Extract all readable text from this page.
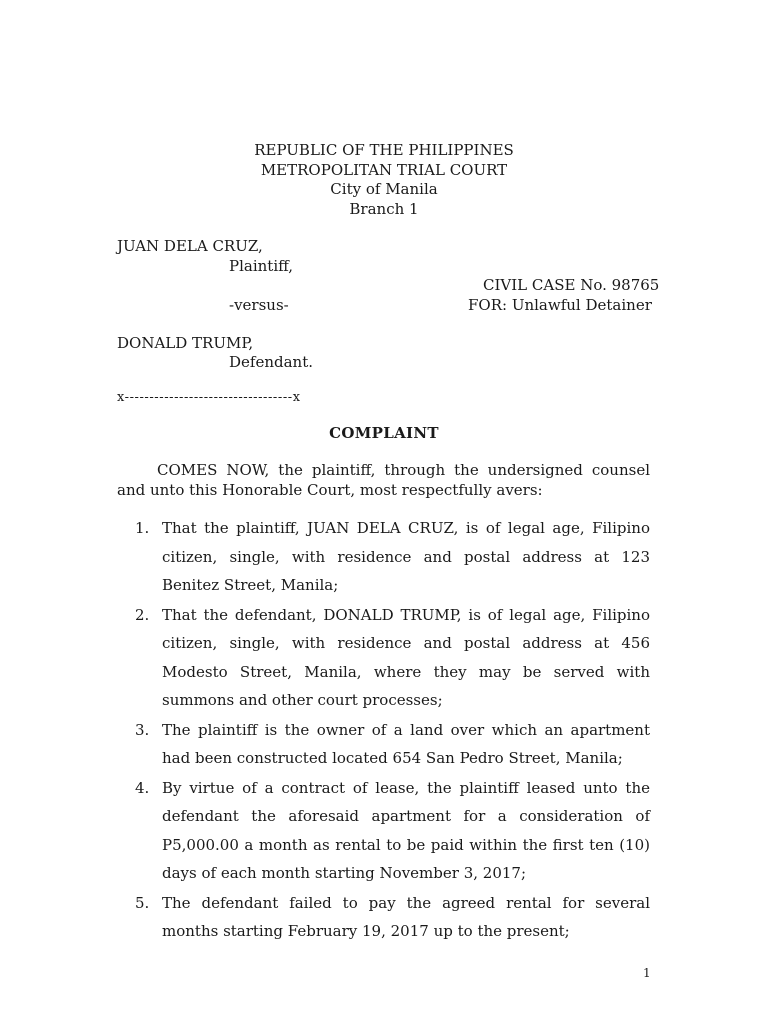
REPUBLIC OF THE PHILIPPINES
METROPOLITAN TRIAL COURT
City of Manila
Branch 1
JUAN DELA CRUZ,
Plaintiff,
CIVIL CASE No. 98765
-versus-	FOR: Unlawful Detainer
DONALD TRUMP,
Defendant.
x----------------------------------x
COMPLAINT

COMES NOW, the plaintiff, through the undersigned counsel and unto this Honorable Court, most respectfully avers:

1. That the plaintiff, JUAN DELA CRUZ, is of legal age, Filipino citizen, single, with residence and postal address at 123 Benitez Street, Manila;
2. That the defendant, DONALD TRUMP, is of legal age, Filipino citizen, single, with residence and postal address at 456 Modesto Street, Manila, where they may be served with summons and other court processes;
3. The plaintiff is the owner of a land over which an apartment had been constructed located 654 San Pedro Street, Manila;
4. By virtue of a contract of lease, the plaintiff leased unto the defendant the aforesaid apartment for a consideration of P5,000.00 a month as rental to be paid within the first ten (10) days of each month starting November 3, 2017;
5. The defendant failed to pay the agreed rental for several months starting February 19, 2017 up to the present;
1
